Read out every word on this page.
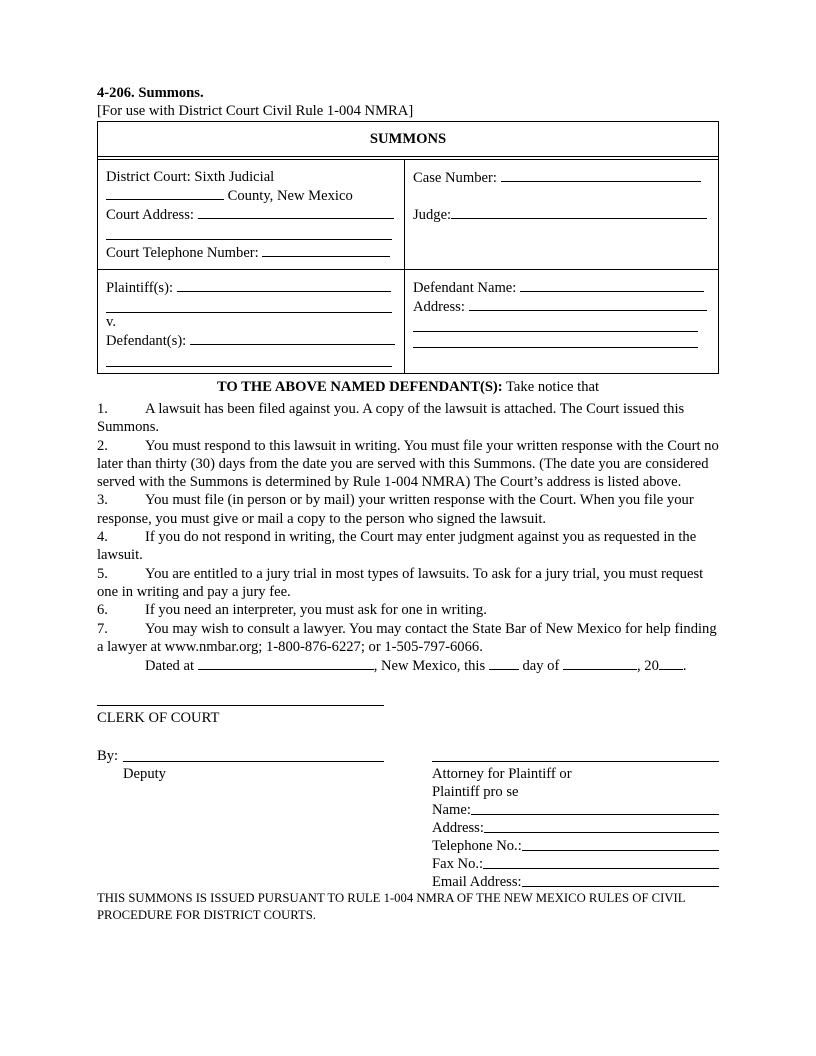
4-206. Summons.
[For use with District Court Civil Rule 1-004 NMRA]
SUMMONS
District Court: Sixth Judicial
County, New Mexico
Court Address:
Court Telephone Number:
Case Number:
Judge:
Plaintiff(s):
v.
Defendant(s):
Defendant Name:
Address:
TO THE ABOVE NAMED DEFENDANT(S): Take notice that
1.	A lawsuit has been filed against you. A copy of the lawsuit is attached. The Court issued this Summons.
2.	You must respond to this lawsuit in writing. You must file your written response with the Court no later than thirty (30) days from the date you are served with this Summons. (The date you are considered served with the Summons is determined by Rule 1-004 NMRA) The Court’s address is listed above.
3.	You must file (in person or by mail) your written response with the Court. When you file your response, you must give or mail a copy to the person who signed the lawsuit.
4.	If you do not respond in writing, the Court may enter judgment against you as requested in the lawsuit.
5.	You are entitled to a jury trial in most types of lawsuits. To ask for a jury trial, you must request one in writing and pay a jury fee.
6.	If you need an interpreter, you must ask for one in writing.
7.	You may wish to consult a lawyer. You may contact the State Bar of New Mexico for help finding a lawyer at www.nmbar.org; 1-800-876-6227; or 1-505-797-6066.
Dated at	, New Mexico, this  day of	, 20 .
CLERK OF COURT
By:
Deputy	Attorney for Plaintiff or
Plaintiff pro se
Name:
Address:
Telephone No.:
Fax No.:
Email Address:
THIS SUMMONS IS ISSUED PURSUANT TO RULE 1-004 NMRA OF THE NEW MEXICO RULES OF CIVIL PROCEDURE FOR DISTRICT COURTS.
